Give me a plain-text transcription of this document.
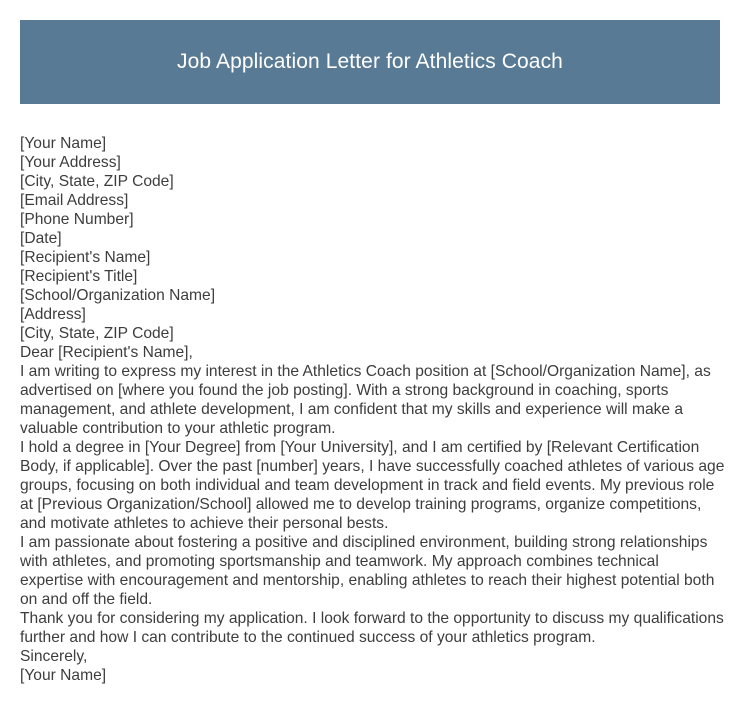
Job Application Letter for Athletics Coach
[Your Name]
[Your Address]
[City, State, ZIP Code]
[Email Address]
[Phone Number]
[Date]
[Recipient's Name]
[Recipient's Title]
[School/Organization Name]
[Address]
[City, State, ZIP Code]
Dear [Recipient's Name],

I am writing to express my interest in the Athletics Coach position at [School/Organization Name], as advertised on [where you found the job posting]. With a strong background in coaching, sports management, and athlete development, I am confident that my skills and experience will make a valuable contribution to your athletic program.

I hold a degree in [Your Degree] from [Your University], and I am certified by [Relevant Certification Body, if applicable]. Over the past [number] years, I have successfully coached athletes of various age groups, focusing on both individual and team development in track and field events. My previous role at [Previous Organization/School] allowed me to develop training programs, organize competitions, and motivate athletes to achieve their personal bests.

I am passionate about fostering a positive and disciplined environment, building strong relationships with athletes, and promoting sportsmanship and teamwork. My approach combines technical expertise with encouragement and mentorship, enabling athletes to reach their highest potential both on and off the field.

Thank you for considering my application. I look forward to the opportunity to discuss my qualifications further and how I can contribute to the continued success of your athletics program.

Sincerely,
[Your Name]
